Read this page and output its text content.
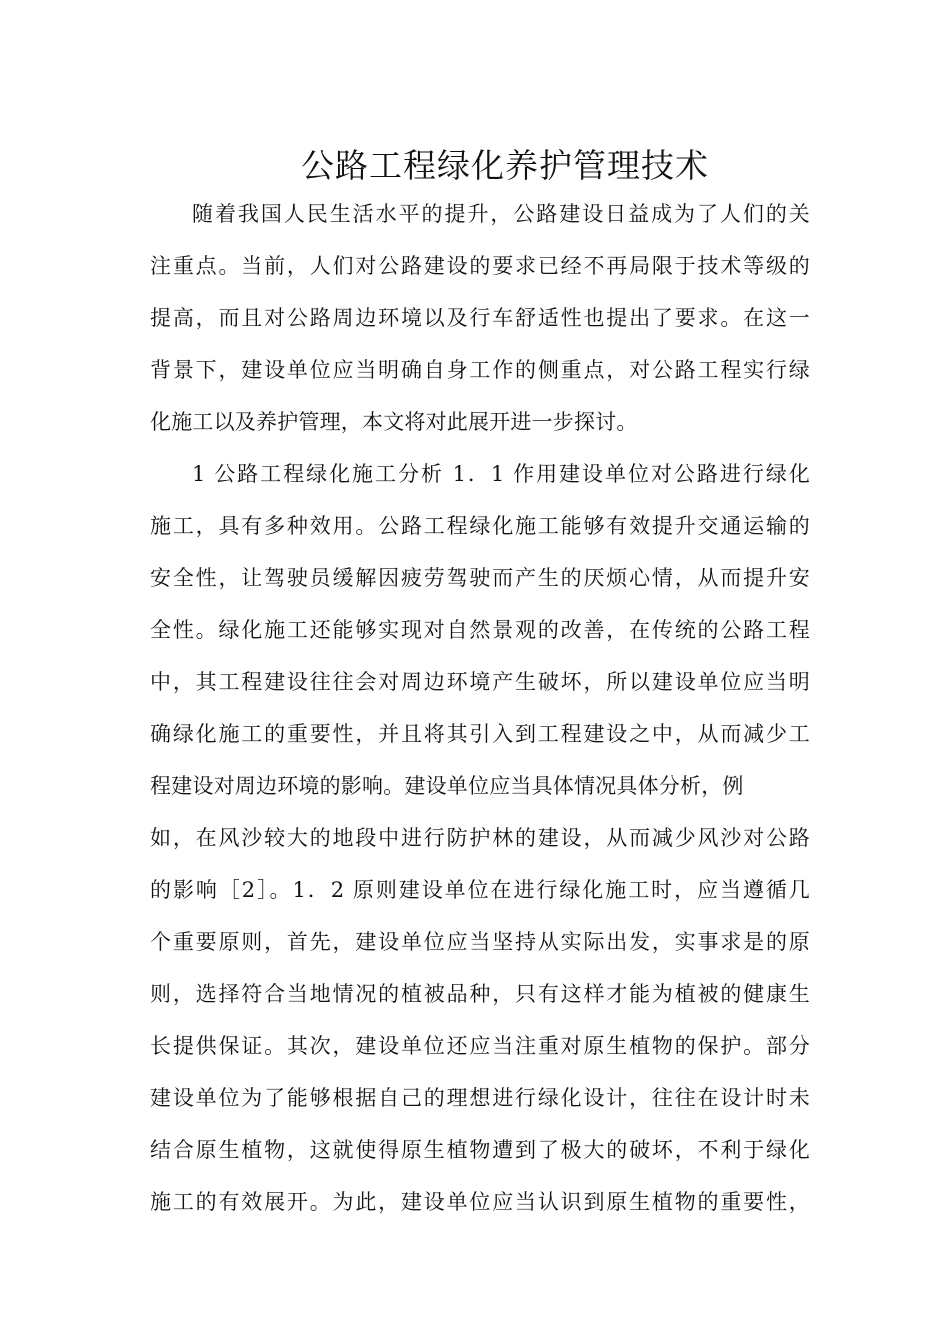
公路工程绿化养护管理技术
随着我国人民生活水平的提升，公路建设日益成为了人们的关
注重点。当前，人们对公路建设的要求已经不再局限于技术等级的
提高，而且对公路周边环境以及行车舒适性也提出了要求。在这一
背景下，建设单位应当明确自身工作的侧重点，对公路工程实行绿
化施工以及养护管理，本文将对此展开进一步探讨。
1 公路工程绿化施工分析 1．1 作用建设单位对公路进行绿化
施工，具有多种效用。公路工程绿化施工能够有效提升交通运输的
安全性，让驾驶员缓解因疲劳驾驶而产生的厌烦心情，从而提升安
全性。绿化施工还能够实现对自然景观的改善，在传统的公路工程
中，其工程建设往往会对周边环境产生破坏，所以建设单位应当明
确绿化施工的重要性，并且将其引入到工程建设之中，从而减少工
程建设对周边环境的影响。建设单位应当具体情况具体分析，例
如，在风沙较大的地段中进行防护林的建设，从而减少风沙对公路
的影响［2］。1．2 原则建设单位在进行绿化施工时，应当遵循几
个重要原则，首先，建设单位应当坚持从实际出发，实事求是的原
则，选择符合当地情况的植被品种，只有这样才能为植被的健康生
长提供保证。其次，建设单位还应当注重对原生植物的保护。部分
建设单位为了能够根据自己的理想进行绿化设计，往往在设计时未
结合原生植物，这就使得原生植物遭到了极大的破坏，不利于绿化
施工的有效展开。为此，建设单位应当认识到原生植物的重要性，
